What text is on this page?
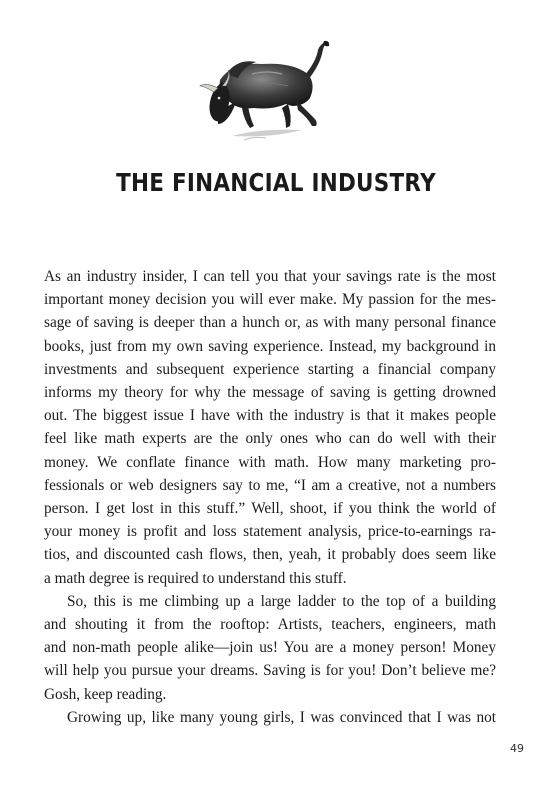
THE FINANCIAL INDUSTRY
As an industry insider, I can tell you that your savings rate is the most
important money decision you will ever make. My passion for the mes-
sage of saving is deeper than a hunch or, as with many personal finance
books, just from my own saving experience. Instead, my background in
investments and subsequent experience starting a financial company
informs my theory for why the message of saving is getting drowned
out. The biggest issue I have with the industry is that it makes people
feel like math experts are the only ones who can do well with their
money. We conflate finance with math. How many marketing pro-
fessionals or web designers say to me, “I am a creative, not a numbers
person. I get lost in this stuff.” Well, shoot, if you think the world of
your money is profit and loss statement analysis, price-to-earnings ra-
tios, and discounted cash flows, then, yeah, it probably does seem like
a math degree is required to understand this stuff.
So, this is me climbing up a large ladder to the top of a building
and shouting it from the rooftop: Artists, teachers, engineers, math
and non-math people alike—join us! You are a money person! Money
will help you pursue your dreams. Saving is for you! Don’t believe me?
Gosh, keep reading.
Growing up, like many young girls, I was convinced that I was not
49
